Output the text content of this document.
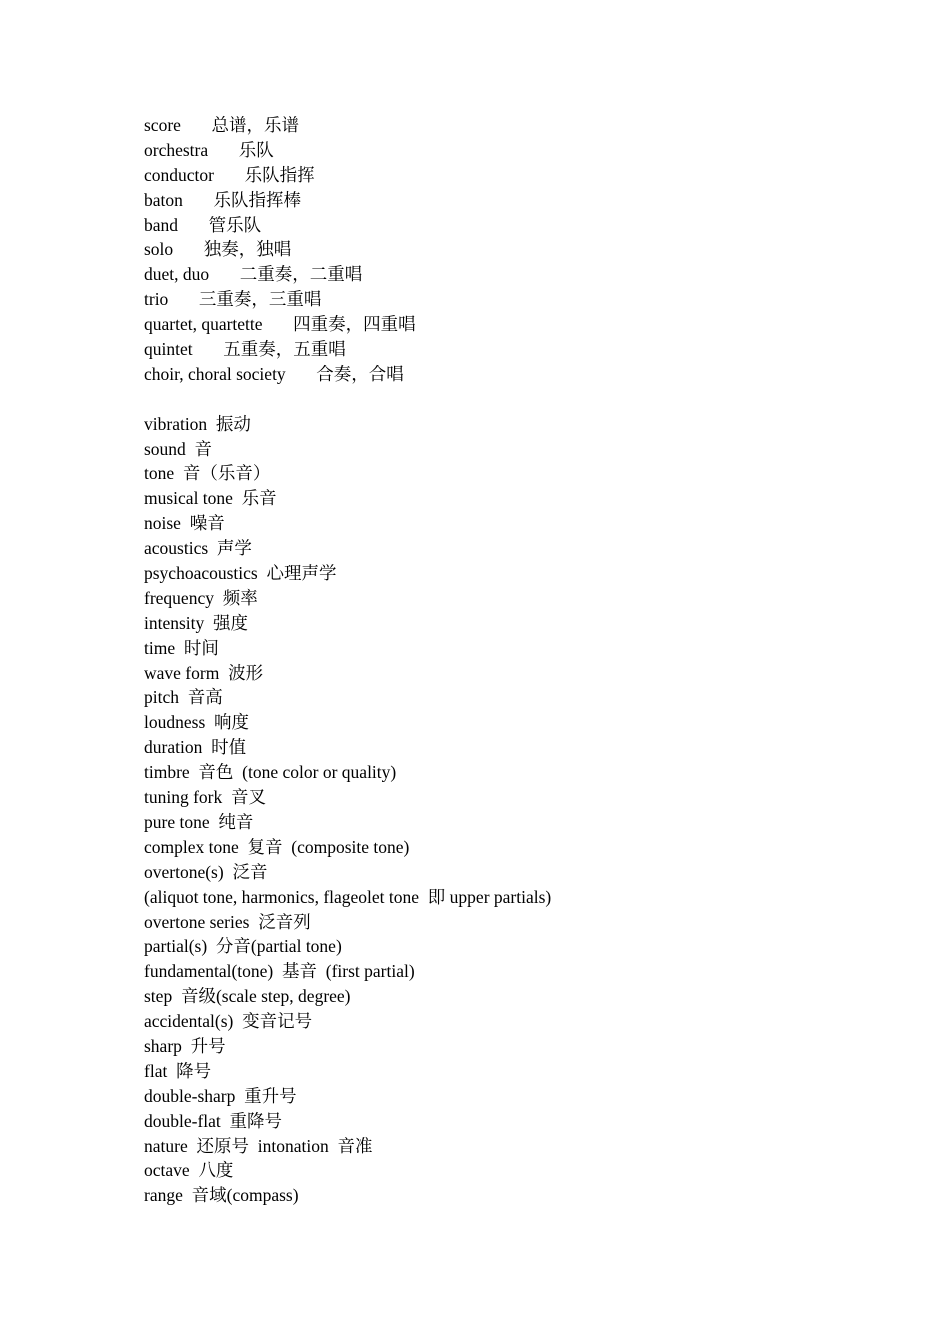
score       总谱，乐谱
orchestra       乐队
conductor       乐队指挥
baton       乐队指挥棒
band       管乐队
solo       独奏，独唱
duet, duo       二重奏，二重唱
trio       三重奏，三重唱
quartet, quartette       四重奏，四重唱
quintet       五重奏，五重唱
choir, choral society       合奏，合唱
vibration  振动
sound  音
tone  音（乐音）
musical tone  乐音
noise  噪音
acoustics  声学
psychoacoustics  心理声学
frequency  频率
intensity  强度
time  时间
wave form  波形
pitch  音高
loudness  响度
duration  时值
timbre  音色  (tone color or quality)
tuning fork  音叉
pure tone  纯音
complex tone  复音  (composite tone)
overtone(s)  泛音
(aliquot tone, harmonics, flageolet tone  即 upper partials)
overtone series  泛音列
partial(s)  分音(partial tone)
fundamental(tone)  基音  (first partial)
step  音级(scale step, degree)
accidental(s)  变音记号
sharp  升号
flat  降号
double-sharp  重升号
double-flat  重降号
nature  还原号  intonation  音准
octave  八度
range  音域(compass)
